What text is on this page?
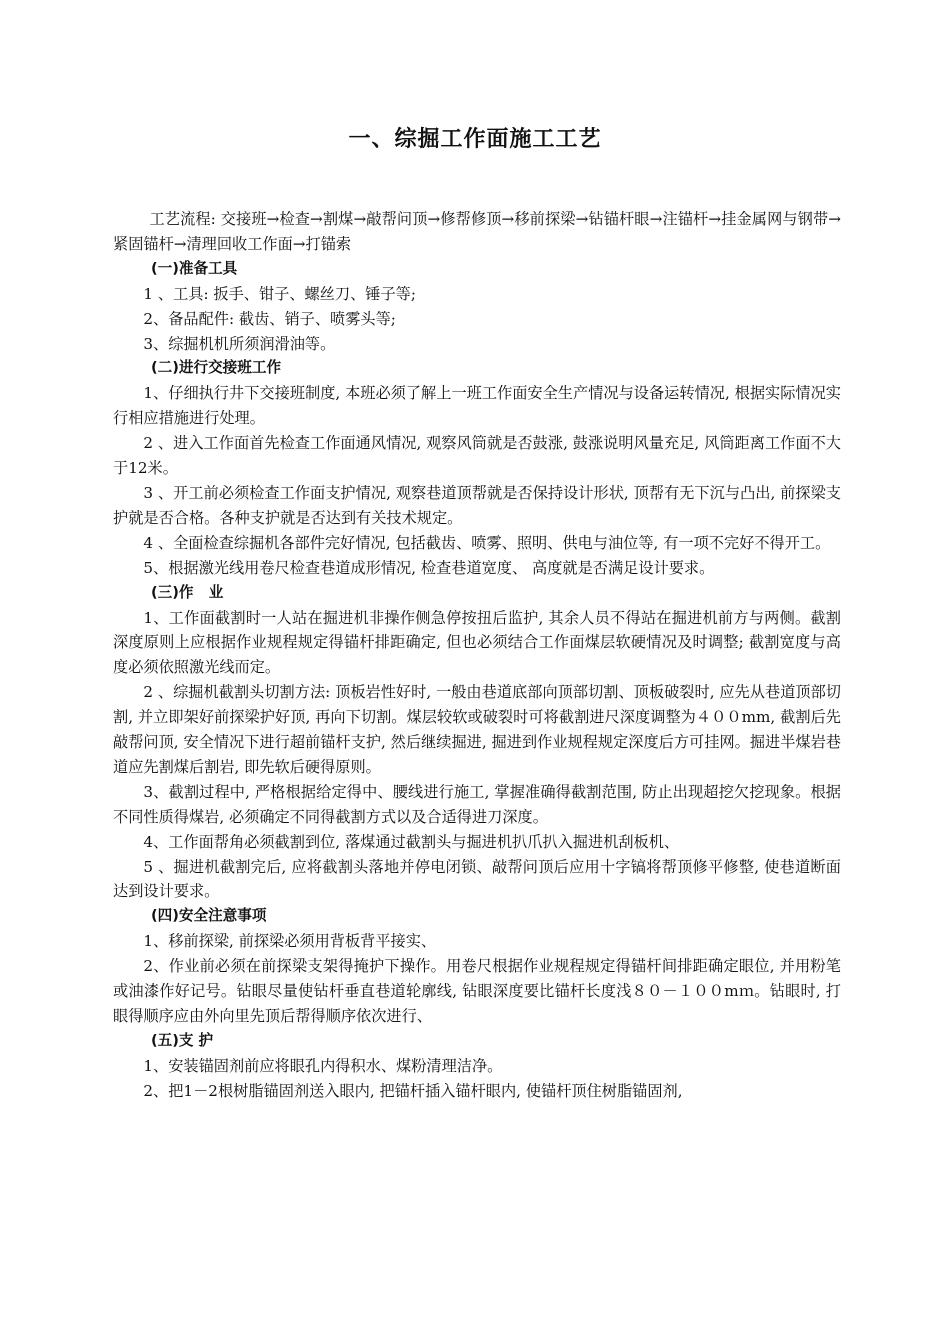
一、综掘工作面施工工艺

工艺流程: 交接班→检查→割煤→敲帮问顶→修帮修顶→移前探梁→钻锚杆眼→注锚杆→挂金属网与钢带→紧固锚杆→清理回收工作面→打锚索

(一)准备工具

1 、工具: 扳手、钳子、螺丝刀、锤子等;

2、备品配件: 截齿、销子、喷雾头等;

3、综掘机机所须润滑油等。

(二)进行交接班工作

1、仔细执行井下交接班制度, 本班必须了解上一班工作面安全生产情况与设备运转情况, 根据实际情况实行相应措施进行处理。

2 、进入工作面首先检查工作面通风情况, 观察风筒就是否鼓涨, 鼓涨说明风量充足, 风筒距离工作面不大于12米。

3 、开工前必须检查工作面支护情况, 观察巷道顶帮就是否保持设计形状, 顶帮有无下沉与凸出, 前探梁支护就是否合格。各种支护就是否达到有关技术规定。

4 、全面检查综掘机各部件完好情况, 包括截齿、喷雾、照明、供电与油位等, 有一项不完好不得开工。

5、根据激光线用卷尺检查巷道成形情况, 检查巷道宽度、 高度就是否满足设计要求。

(三)作   业

1、工作面截割时一人站在掘进机非操作侧急停按扭后监护, 其余人员不得站在掘进机前方与两侧。截割深度原则上应根据作业规程规定得锚杆排距确定, 但也必须结合工作面煤层软硬情况及时调整; 截割宽度与高度必须依照激光线而定。

2 、综掘机截割头切割方法: 顶板岩性好时, 一般由巷道底部向顶部切割、顶板破裂时, 应先从巷道顶部切割, 并立即架好前探梁护好顶, 再向下切割。煤层较软或破裂时可将截割进尺深度调整为４００mm, 截割后先敲帮问顶, 安全情况下进行超前锚杆支护, 然后继续掘进, 掘进到作业规程规定深度后方可挂网。掘进半煤岩巷道应先割煤后割岩, 即先软后硬得原则。

3、截割过程中, 严格根据给定得中、腰线进行施工, 掌握准确得截割范围, 防止出现超挖欠挖现象。根据不同性质得煤岩, 必须确定不同得截割方式以及合适得进刀深度。

4、工作面帮角必须截割到位, 落煤通过截割头与掘进机扒爪扒入掘进机刮板机、

5 、掘进机截割完后, 应将截割头落地并停电闭锁、敲帮问顶后应用十字镐将帮顶修平修整, 使巷道断面达到设计要求。

(四)安全注意事项

1、移前探梁, 前探梁必须用背板背平接实、

2、作业前必须在前探梁支架得掩护下操作。用卷尺根据作业规程规定得锚杆间排距确定眼位, 并用粉笔或油漆作好记号。钻眼尽量使钻杆垂直巷道轮廓线, 钻眼深度要比锚杆长度浅８０－１００mｍ。钻眼时, 打眼得顺序应由外向里先顶后帮得顺序依次进行、

(五)支 护

1、安装锚固剂前应将眼孔内得积水、煤粉清理洁净。

2、把1－2根树脂锚固剂送入眼内, 把锚杆插入锚杆眼内, 使锚杆顶住树脂锚固剂,
